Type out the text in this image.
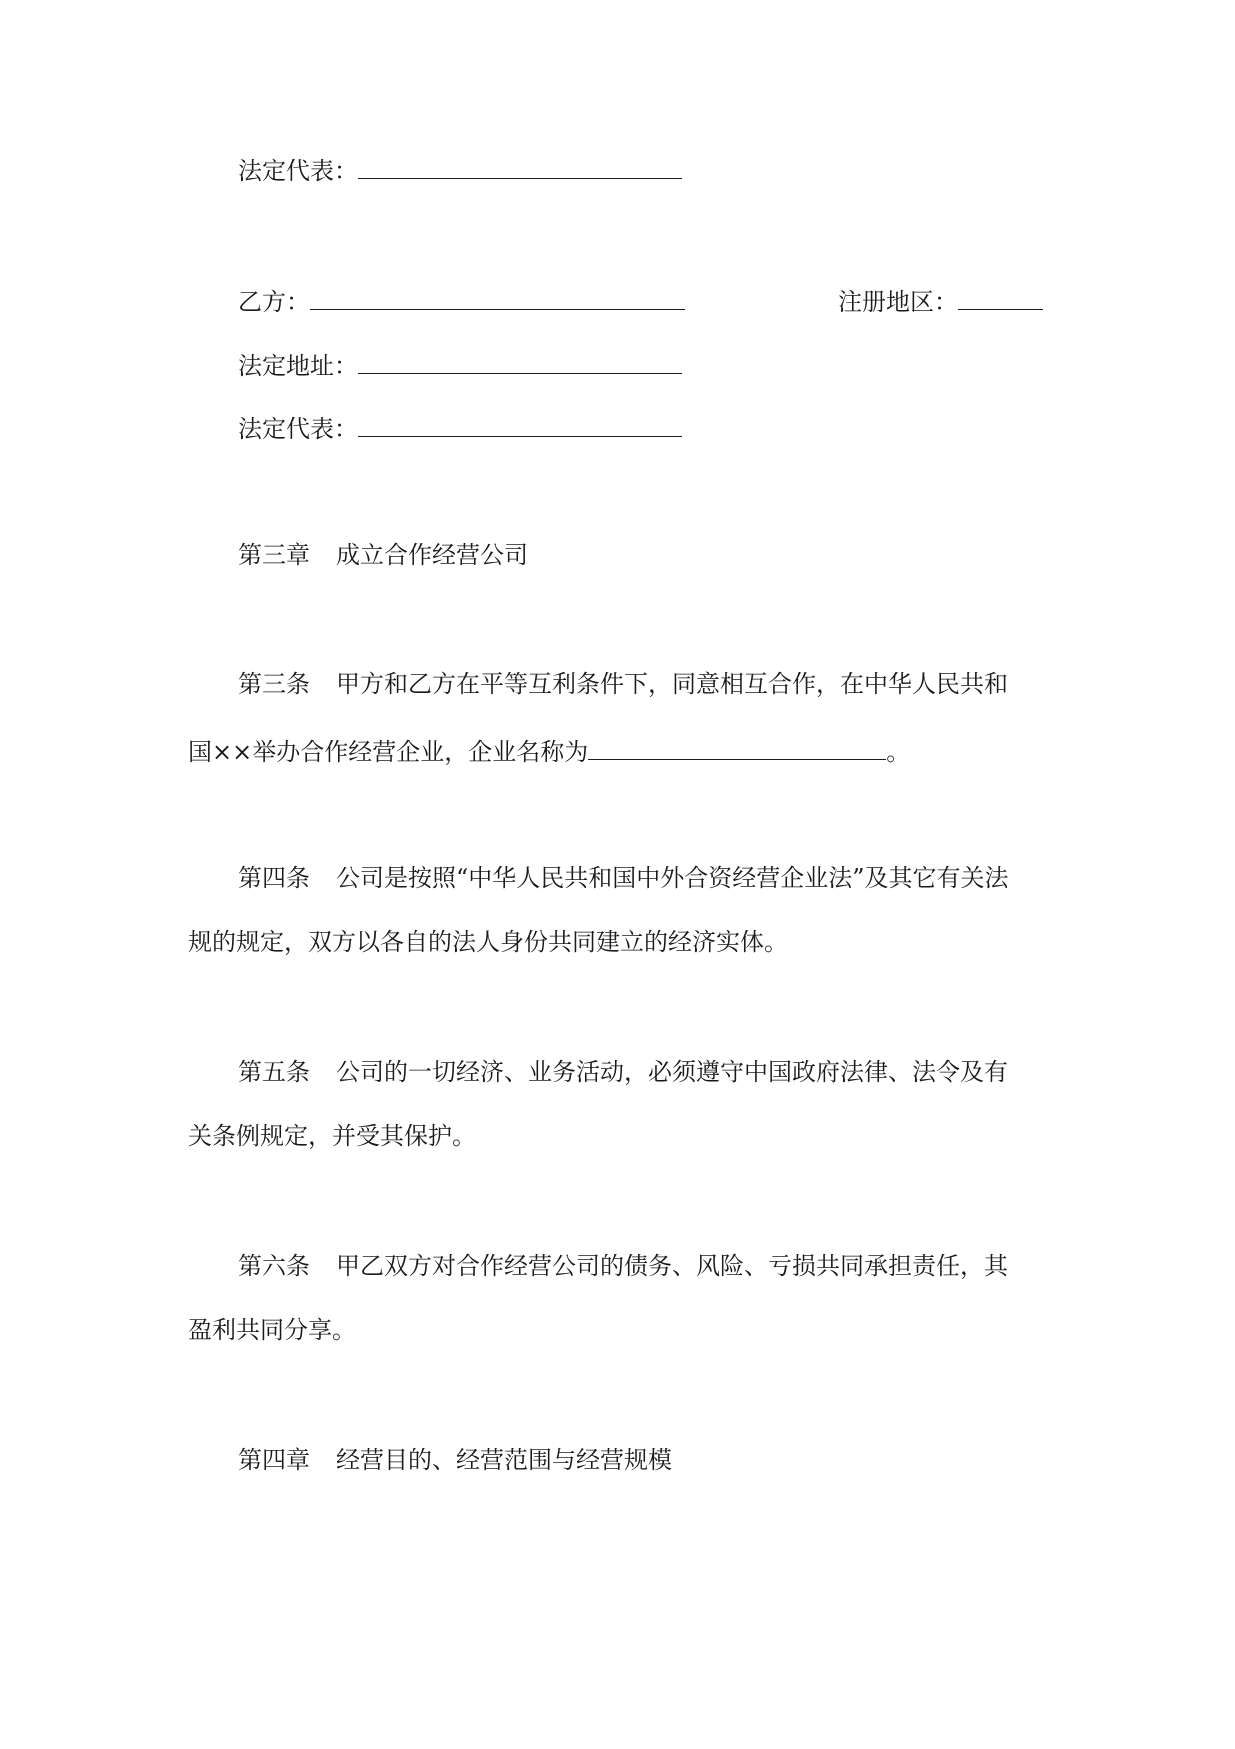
法定代表：
乙方：	注册地区：
法定地址：
法定代表：
第三章 成立合作经营公司
第三条 甲方和乙方在平等互利条件下，同意相互合作，在中华人民共和
国××举办合作经营企业，企业名称为	。
第四条 公司是按照“中华人民共和国中外合资经营企业法”及其它有关法
规的规定，双方以各自的法人身份共同建立的经济实体。
第五条 公司的一切经济、业务活动，必须遵守中国政府法律、法令及有
关条例规定，并受其保护。
第六条 甲乙双方对合作经营公司的债务、风险、亏损共同承担责任，其
盈利共同分享。
第四章 经营目的、经营范围与经营规模
